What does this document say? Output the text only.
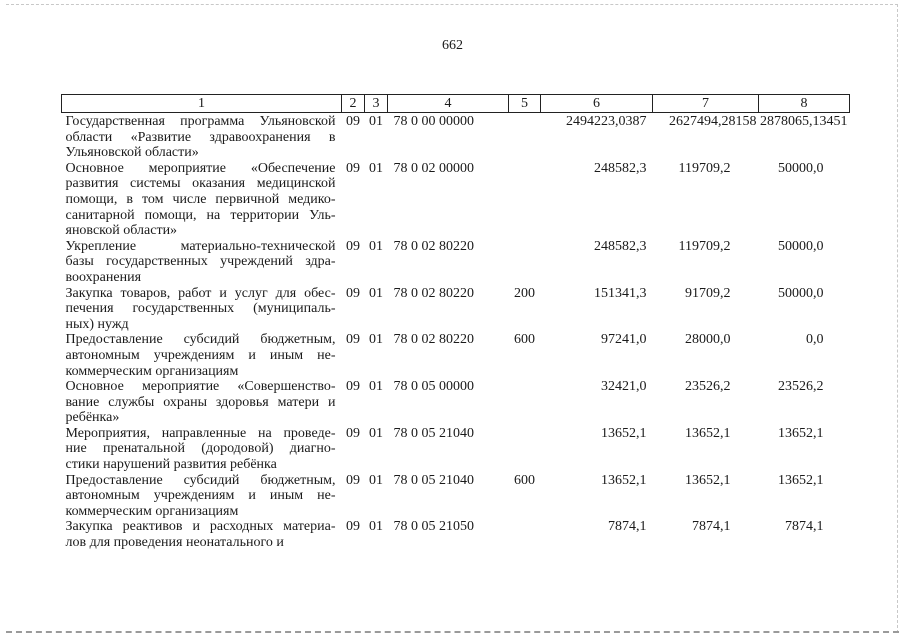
662
1	2	3	4	5	6	7	8

Государственная программа Ульяновской
области «Развитие здравоохранения в
Ульяновской области»	09	01	78 0 00 00000		2494223,0387	2627494,28158	2878065,13451

Основное мероприятие «Обеспечение
развития системы оказания медицинской
помощи, в том числе первичной медико-
санитарной помощи, на территории Уль-
яновской области»	09	01	78 0 02 00000		248582,3	119709,2	50000,0

Укрепление материально-технической
базы государственных учреждений здра-
воохранения	09	01	78 0 02 80220		248582,3	119709,2	50000,0

Закупка товаров, работ и услуг для обес-
печения государственных (муниципаль-
ных) нужд	09	01	78 0 02 80220	200	151341,3	91709,2	50000,0

Предоставление субсидий бюджетным,
автономным учреждениям и иным не-
коммерческим организациям	09	01	78 0 02 80220	600	97241,0	28000,0	0,0

Основное мероприятие «Совершенство-
вание службы охраны здоровья матери и
ребёнка»	09	01	78 0 05 00000		32421,0	23526,2	23526,2

Мероприятия, направленные на проведе-
ние пренатальной (дородовой) диагно-
стики нарушений развития ребёнка	09	01	78 0 05 21040		13652,1	13652,1	13652,1

Предоставление субсидий бюджетным,
автономным учреждениям и иным не-
коммерческим организациям	09	01	78 0 05 21040	600	13652,1	13652,1	13652,1

Закупка реактивов и расходных материа-
лов для проведения неонатального и	09	01	78 0 05 21050		7874,1	7874,1	7874,1
